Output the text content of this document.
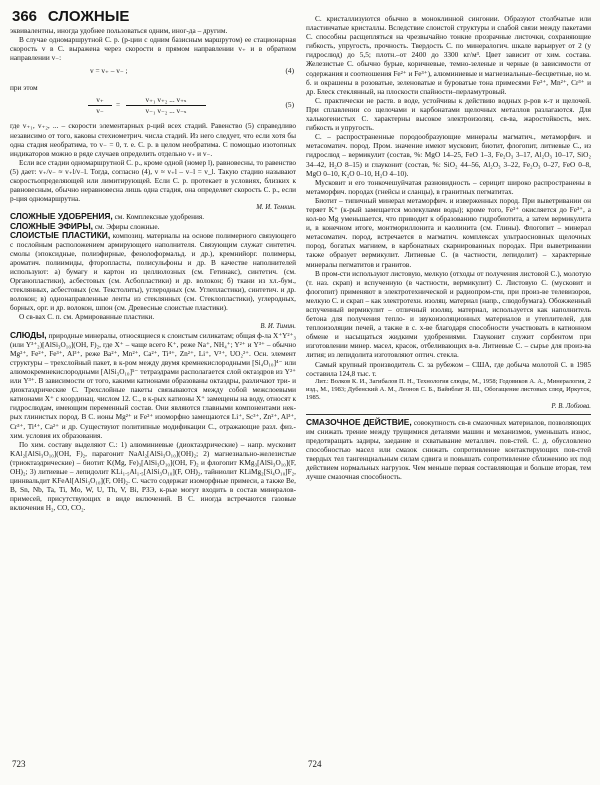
366 СЛОЖНЫЕ

эквивалентны, иногда удобнее пользоваться одним, иног-да – другим.

В случае одномаршрутной С. р. (р-ции с одним базисным маршрутом) ее стационарная скорость v в С. выражена через скорости в прямом направлении v₊ и в обратном направлении v₋:

v = v₊ – v₋ ;	(4)

при этом

$\frac{v_+}{v_-} = \frac{\text{v₊₁ v₊₂ ... v₊ₛ}}{\text{v₋₁ v₋₂ ... v₋ₛ}}$	(5)

где v₊₁, v₊₂, ... – скорости элементарных р-ций всех стадий. Равенство (5) справедливо независимо от того, каковы стехиометрич. числа стадий. Из него следует, что если хотя бы одна стадия необратима, то v₋ = 0, т. е. С. р. в целом необратима. С помощью изотопных индикаторов можно в ряде случаев определить отдельно v₊ и v₋.

Если все стадии одномаршрутной С. р., кроме одной (номер l), равновесны, то равенство (5) дает: v₊/v₋ ≈ v₊l/v₋l. Тогда, согласно (4), v ≈ v₊l – v₋l = v_l. Такую стадию называют скоростьопределяющей или лимитирующей. Если С. р. протекает в условиях, близких к равновесным, обычно неравновесна лишь одна стадия, она определяет скорость С. р., если р-ция одномаршрутна.

М. И. Темкин.

СЛОЖНЫЕ УДОБРЕНИЯ, см. Комплексные удобрения.

СЛОЖНЫЕ ЭФИРЫ, см. Эфиры сложные.

СЛОИСТЫЕ ПЛАСТИКИ, композиц. материалы на основе полимерного связующего с послойным расположением армирующего наполнителя. Связующим служат синтетич. смолы (эпоксидные, полиэфирные, фенолоформальд. и др.), кремнийорг. полимеры, ароматич. полиимиды, фторопласты, полисульфоны и др. В качестве наполнителей используют: а) бумагу и картон из целлюлозных (см. Гетинакс), синтетич. (см. Органопластики), асбестовых (см. Асбопластики) и др. волокон; б) ткани из хл.-бум., стеклянных, асбестовых (см. Текстолиты), углеродных (см. Углепластики), синтетич. и др. волокон; в) однонаправленные ленты из стеклянных (см. Стеклопластики), углеродных, борных, орг. и др. волокон, шпон (см. Древесные слоистые пластики).

О св-вах С. п. см. Армированные пластики.

В. И. Тимин.

СЛЮДЫ, природные минералы, относящиеся к слоистым силикатам; общая ф-ла X⁺Y²⁺₃ (или Y³⁺₂)[AlSi₃O₁₀](OH, F)₂, где X⁺ – чаще всего K⁺, реже Na⁺, NH₄⁺; Y²⁺ и Y³⁺ – обычно Mg²⁺, Fe²⁺, Fe³⁺, Al³⁺, реже Ba²⁺, Mn²⁺, Ca²⁺, Ti⁴⁺, Zn²⁺, Li⁺, V³⁺, UO₂²⁺. Осн. элемент структуры – трехслойный пакет, в к-ром между двумя кремнекислородными [Si₄O₁₀]⁴⁻ или алюмокремнекислородными [AlSi₃O₁₀]⁵⁻ тетраэдрами располагается слой октаэдров из Y²⁺ или Y³⁺. В зависимости от того, какими катионами образованы октаэдры, различают три- и диоктаэдрические С. Трехслойные пакеты связываются между собой межслоевыми катионами X⁺ с координац. числом 12. С., в к-рых катионы X⁺ замещены на воду, относят к гидрослюдам, имеющим переменный состав. Они являются главными компонентами нек-рых глинистых пород. В С. ионы Mg²⁺ и Fe²⁺ изоморфно замещаются Li⁺, Sc³⁺, Zn²⁺, Al³⁺, Cr³⁺, Ti⁴⁺, Ca²⁺ и др. Существуют политипные модификации С., отражающие разл. физ.-хим. условия их образования.

По хим. составу выделяют С.: 1) алюминиевые (диоктаэдрические) – напр. мусковит KAl₂[AlSi₃O₁₀](OH, F)₂, парагонит NaAl₂[AlSi₃O₁₀](OH)₂; 2) магнезиально-железистые (триоктаэдрические) – биотит K(Mg, Fe)₃[AlSi₃O₁₀](OH, F)₂ и флогопит KMg₃[AlSi₃O₁₀](F, OH)₂; 3) литиевые – лепидолит KLi₁.₅Al₁.₅[AlSi₃O₁₀](F, OH)₂, тайниолит KLiMg₂[Si₄O₁₀]F₂, циннвальдит KFeAl[AlSi₃O₁₀](F, OH)₂. С. часто содержат изоморфные примеси, а также Be, B, Sn, Nb, Ta, Ti, Mo, W, U, Th, V, Bi, РЗЭ, к-рые могут входить в состав минералов-примесей, присутствующих в виде включений. В С. иногда встречаются газовые включения H₂, CO, CO₂.

С. кристаллизуются обычно в моноклинной сингонии. Образуют столбчатые или пластинчатые кристаллы. Вследствие слоистой структуры и слабой связи между пакетами С. способны расщепляться на чрезвычайно тонкие прозрачные листочки, сохраняющие гибкость, упругость, прочность. Твердость С. по минералогич. шкале варьирует от 2 (у гидрослюд) до 5,5; плотн.–от 2400 до 3300 кг/м³. Цвет зависит от хим. состава. Железистые С. обычно бурые, коричневые, темно-зеленые и черные (в зависимости от содержания и соотношения Fe²⁺ и Fe³⁺), алюминиевые и магнезиальные–бесцветные, но м. б. и окрашены в розоватые, зеленоватые и буроватые тона примесями Fe²⁺, Mn²⁺, Cr³⁺ и др. Блеск стеклянный, на плоскости спайности–перламутровый.

С. практически не раств. в воде, устойчивы к действию водных р-ров к-т и щелочей. При сплавлении со щелочами и карбонатами щелочных металлов разлагаются. Для халькогенистых С. характерны высокое электроизоляц. св-ва, жаростойкость, мех. гибкость и упругость.

С. – распространенные породообразующие минералы магматич., метаморфич. и метасоматич. пород. Пром. значение имеют мусковит, биотит, флогопит, литиевые С., из гидрослюд – вермикулит (состав, %: MgO 14–25, FeO 1–3, Fe₂O₃ 3–17, Al₂O₃ 10–17, SiO₂ 34–42, H₂O 8–15) и глауконит (состав, %: SiO₂ 44–56, Al₂O₃ 3–22, Fe₂O₃ 0–27, FeO 0–8, MgO 0–10, K₂O 0–10, H₂O 4–10).

Мусковит и его тонкочешуйчатая разновидность – серицит широко распространены в метаморфич. породах (гнейсы и сланцы), в гранитных пегматитах.

Биотит – типичный минерал метаморфич. и изверженных пород. При выветривании он теряет K⁺ (к-рый замещается молекулами воды); кроме того, Fe²⁺ окисляется до Fe³⁺, а кол-во Mg уменьшается, что приводит к образованию гидробиотита, а затем вермикулита и, в конечном итоге, монтмориллонита и каолинита (см. Глины). Флогопит – минерал метасоматич. пород, встречается в магматич. комплексах ультраосновных щелочных пород, богатых магнием, в карбонатных скарнированных породах. При выветривании также образует вермикулит. Литиевые С. (в частности, лепидолит) – характерные минералы пегматитов и гранитов.

В пром-сти используют листовую, мелкую (отходы от получения листовой С.), молотую (т. наз. скрап) и вспученную (в частности, вермикулит) С. Листовую С. (мусковит и флогопит) применяют в электротехнической и радиопром-сти, при произ-ве телевизоров, мелкую С. и скрап – как электротехн. изоляц. материал (напр., слюдобумага). Обожженный вспученный вермикулит – отличный изоляц. материал, используется как наполнитель бетона для получения тепло- и звукоизоляционных материалов и утеплителей, для теплоизоляции печей, а также в с. х-ве благодаря способности участвовать в катионном обмене и насыщаться жидкими удобрениями. Глауконит служит сорбентом при изготовлении минер. масел, красок, отбеливающих в-в. Литиевые С. – сырье для произ-ва лития; из лепидолита изготовляют оптич. стекла.

Самый крупный производитель С. за рубежом – США, где добыча молотой С. в 1985 составила 124,8 тыс. т.

Лит.: Волков К. И., Загибалов П. Н., Технология слюды, М., 1958; Годовиков А. А., Минералогия, 2 изд., М., 1983; Дубенский А. М., Леонов С. Б., Вайнблат Я. Ш., Обогащение листовых слюд, Иркутск, 1985.

Р. В. Лобзова.

СМАЗОЧНОЕ ДЕЙСТВИЕ, совокупность св-в смазочных материалов, позволяющих им снижать трение между трущимися деталями машин и механизмов, уменьшать износ, предотвращать задиры, заедание и схватывание металлич. пов-стей. С. д. обусловлено способностью масел или смазок снижать сопротивление контактирующих пов-стей твердых тел тангенциальным силам сдвига и повышать сопротивление сближению их под действием нормальных нагрузок. Чем меньше первая составляющая и больше вторая, тем лучше смазочная способность.

723	724
